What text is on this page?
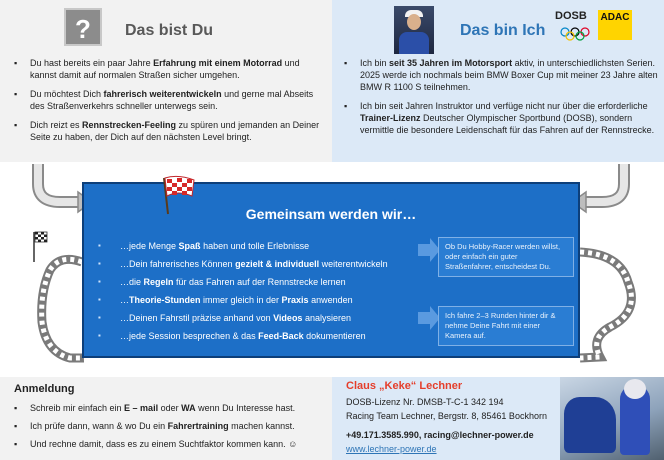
?	Das bist Du	Das bin Ich
DOSB	ADAC
▪ Du hast bereits ein paar Jahre Erfahrung mit einem Motorrad und kannst damit auf normalen Straßen sicher umgehen.
▪ Du möchtest Dich fahrerisch weiterentwickeln und gerne mal Abseits des Straßenverkehrs schneller unterwegs sein.
▪ Dich reizt es Rennstrecken-Feeling zu spüren und jemanden an Deiner Seite zu haben, der Dich auf den nächsten Level bringt.
▪ Ich bin seit 35 Jahren im Motorsport aktiv, in unterschiedlichsten Serien. 2025 werde ich nochmals beim BMW Boxer Cup mit meiner 23 Jahre alten BMW R 1100 S teilnehmen.
▪ Ich bin seit Jahren Instruktor und verfüge nicht nur über die erforderliche Trainer-Lizenz Deutscher Olympischer Sportbund (DOSB), sondern vermittle die besondere Leidenschaft für das Fahren auf der Rennstrecke.
Gemeinsam werden wir…
▪ …jede Menge Spaß haben und tolle Erlebnisse
▪ …Dein fahrerisches Können gezielt & individuell weiterentwickeln
▪ …die Regeln für das Fahren auf der Rennstrecke lernen
▪ …Theorie-Stunden immer gleich in der Praxis anwenden
▪ …Deinen Fahrstil präzise anhand von Videos analysieren
▪ …jede Session besprechen & das Feed-Back dokumentieren
Ob Du Hobby-Racer werden willst, oder einfach ein guter Straßenfahrer, entscheidest Du.
Ich fahre 2–3 Runden hinter dir & nehme Deine Fahrt mit einer Kamera auf.
Anmeldung
▪ Schreib mir einfach ein E – mail oder WA wenn Du Interesse hast.
▪ Ich prüfe dann, wann & wo Du ein Fahrertraining machen kannst.
▪ Und rechne damit, dass es zu einem Suchtfaktor kommen kann. ☺
Claus „Keke“ Lechner
DOSB-Lizenz Nr. DMSB-T-C-1 342 194
Racing Team Lechner, Bergstr. 8, 85461 Bockhorn
+49.171.3585.990, racing@lechner-power.de
www.lechner-power.de
